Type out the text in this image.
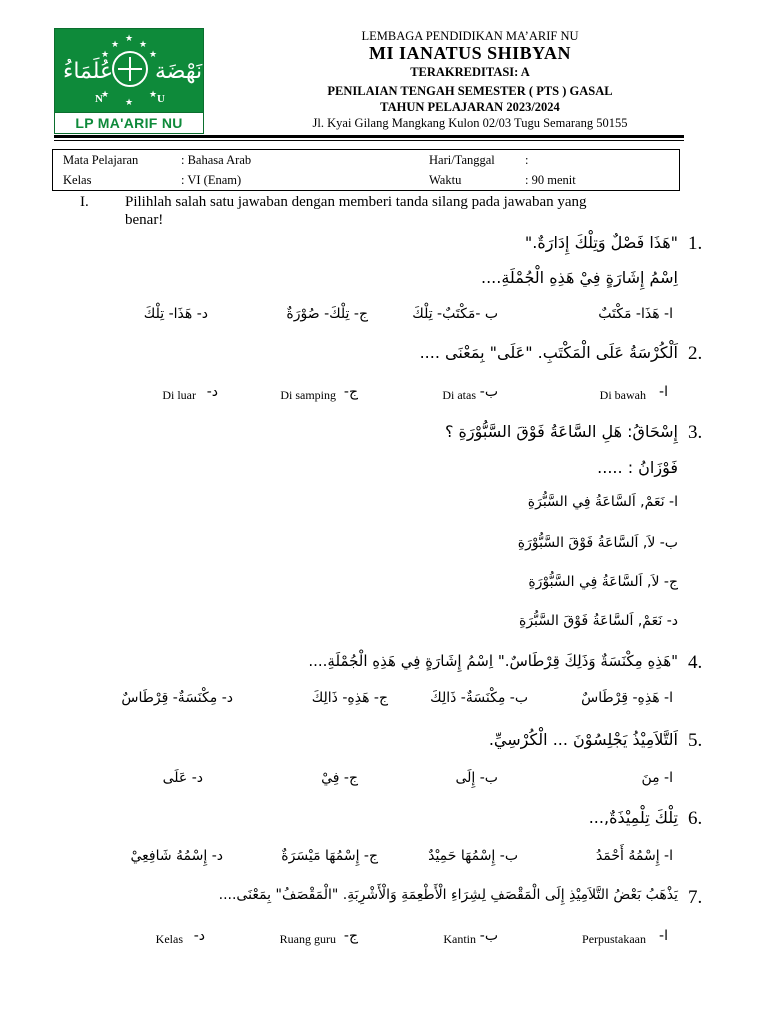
★
★ ★
★	★
★	★
★
عُلَمَاءُ نَهْضَة
N	U
LP MA'ARIF NU
LEMBAGA PENDIDIKAN MA’ARIF NU
MI IANATUS SHIBYAN
TERAKREDITASI: A
PENILAIAN TENGAH SEMESTER ( PTS ) GASAL
TAHUN PELAJARAN 2023/2024
Jl. Kyai Gilang Mangkang Kulon 02/03 Tugu Semarang 50155
Mata Pelajaran	: Bahasa Arab	Hari/Tanggal :
Kelas	: VI (Enam)	Waktu	: 90 menit
I. Pilihlah salah satu jawaban dengan memberi tanda silang pada jawaban yang
benar!
1.
"هَذَا فَصْلٌ وَتِلْكَ إِدَارَةٌ."
اِسْمُ إِشَارَةٍ فِيْ هَذِهِ الْجُمْلَةِ....
ا- هَذَا- مَكْتَبٌ
ب -مَكْتَبٌ- تِلْكَ
ج- تِلْكَ- صُوْرَةٌ
د- هَذَا- تِلْكَ
2.
اَلْكُرْسَةُ عَلَى الْمَكْتَبِ. "عَلَى" بِمَعْنَى ....
ا-
Di bawah
ب-
Di atas
ج-
Di samping
د-
Di luar
3.
إِسْحَاقُ: هَلِ السَّاعَةُ فَوْقَ السَّبُّوْرَةِ ؟
فَوْزَانُ : .....
ا- نَعَمْ, اَلسَّاعَةُ فِي السَّبُّرَةِ
ب- لاَ, اَلسَّاعَةُ فَوْقَ السَّبُّوْرَةِ
ج- لاَ, اَلسَّاعَةُ فِي السَّبُّوْرَةِ
د- نَعَمْ, اَلسَّاعَةُ فَوْقَ السَّبُّرَةِ
4.
"هَذِهِ مِكْنَسَةٌ وَذَلِكَ قِرْطَاسٌ." اِسْمُ إِشَارَةٍ فِي هَذِهِ الْجُمْلَةِ....
ا- هَذِهِ- قِرْطَاسٌ
ب- مِكْنَسَةٌ- ذَالِكَ
ج- هَذِهِ- ذَالِكَ
د- مِكْنَسَةٌ- قِرْطَاسٌ
5.
اَلتَّلاَمِيْذُ يَجْلِسُوْنَ ... الْكُرْسِيِّ.
ا- مِنَ
ب- إِلَى
ج- فِيْ
د- عَلَى
6.
تِلْكَ تِلْمِيْذَةٌ,...
ا- إِسْمُهُ أَحْمَدُ
ب- إِسْمُهَا حَمِيْدٌ
ج- إِسْمُهَا مَيْسَرَةٌ
د- إِسْمُهُ شَافِعِيْ
7.
يَذْهَبُ بَعْضُ التَّلاَمِيْذِ إِلَى الْمَقْصَفِ لِشِرَاءِ الْأَطْعِمَةِ وَالْأَشْرِبَةِ. "الْمَقْصَفُ" بِمَعْنَى....
ا-
Perpustakaan
ب-
Kantin
ج-
Ruang guru
د-
Kelas
